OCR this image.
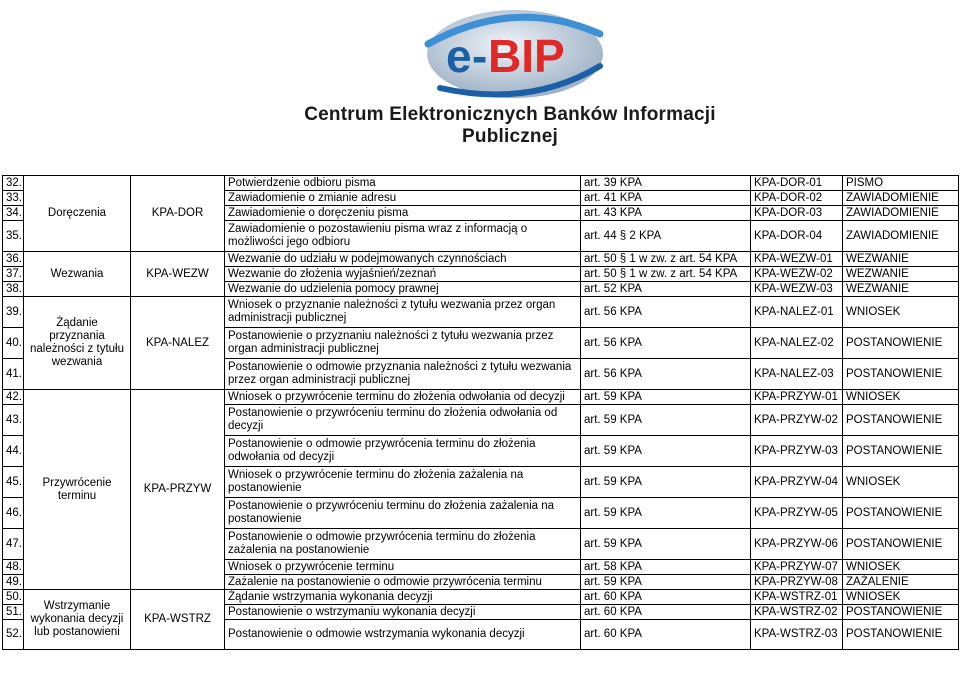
e - BIP
Centrum Elektronicznych Banków Informacji Publicznej
32.	Doręczenia	KPA-DOR	Potwierdzenie odbioru pisma	art. 39 KPA	KPA-DOR-01	PISMO
33.			Zawiadomienie o zmianie adresu	art. 41 KPA	KPA-DOR-02	ZAWIADOMIENIE
34.			Zawiadomienie o doręczeniu pisma	art. 43 KPA	KPA-DOR-03	ZAWIADOMIENIE
35.			Zawiadomienie o pozostawieniu pisma wraz z informacją o możliwości jego odbioru	art. 44 § 2 KPA	KPA-DOR-04	ZAWIADOMIENIE
36.	Wezwania	KPA-WEZW	Wezwanie do udziału w podejmowanych czynnościach	art. 50 § 1 w zw. z art. 54 KPA	KPA-WEZW-01	WEZWANIE
37.			Wezwanie do złożenia wyjaśnień/zeznań	art. 50 § 1 w zw. z art. 54 KPA	KPA-WEZW-02	WEZWANIE
38.			Wezwanie do udzielenia pomocy prawnej	art. 52 KPA	KPA-WEZW-03	WEZWANIE
39.	Żądanie przyznania należności z tytułu wezwania	KPA-NALEZ	Wniosek o przyznanie należności z tytułu wezwania przez organ administracji publicznej	art. 56 KPA	KPA-NALEZ-01	WNIOSEK
40.			Postanowienie o przyznaniu należności z tytułu wezwania przez organ administracji publicznej	art. 56 KPA	KPA-NALEZ-02	POSTANOWIENIE
41.			Postanowienie o odmowie przyznania należności z tytułu wezwania przez organ administracji publicznej	art. 56 KPA	KPA-NALEZ-03	POSTANOWIENIE
42.	Przywrócenie terminu	KPA-PRZYW	Wniosek o przywrócenie terminu do złożenia odwołania od decyzji	art. 59 KPA	KPA-PRZYW-01	WNIOSEK
43.			Postanowienie o przywróceniu terminu do złożenia odwołania od decyzji	art. 59 KPA	KPA-PRZYW-02	POSTANOWIENIE
44.			Postanowienie o odmowie przywrócenia terminu do złożenia odwołania od decyzji	art. 59 KPA	KPA-PRZYW-03	POSTANOWIENIE
45.			Wniosek o przywrócenie terminu do złożenia zażalenia na postanowienie	art. 59 KPA	KPA-PRZYW-04	WNIOSEK
46.			Postanowienie o przywróceniu terminu do złożenia zażalenia na postanowienie	art. 59 KPA	KPA-PRZYW-05	POSTANOWIENIE
47.			Postanowienie o odmowie przywrócenia terminu do złożenia zażalenia na postanowienie	art. 59 KPA	KPA-PRZYW-06	POSTANOWIENIE
48.			Wniosek o przywrócenie terminu	art. 58 KPA	KPA-PRZYW-07	WNIOSEK
49.			Zażalenie na postanowienie o odmowie przywrócenia terminu	art. 59 KPA	KPA-PRZYW-08	ZAŻALENIE
50.	Wstrzymanie wykonania decyzji lub postanowieni	KPA-WSTRZ	Żądanie wstrzymania wykonania decyzji	art. 60 KPA	KPA-WSTRZ-01	WNIOSEK
51.			Postanowienie o wstrzymaniu wykonania decyzji	art. 60 KPA	KPA-WSTRZ-02	POSTANOWIENIE
52.			Postanowienie o odmowie wstrzymania wykonania decyzji	art. 60 KPA	KPA-WSTRZ-03	POSTANOWIENIE
